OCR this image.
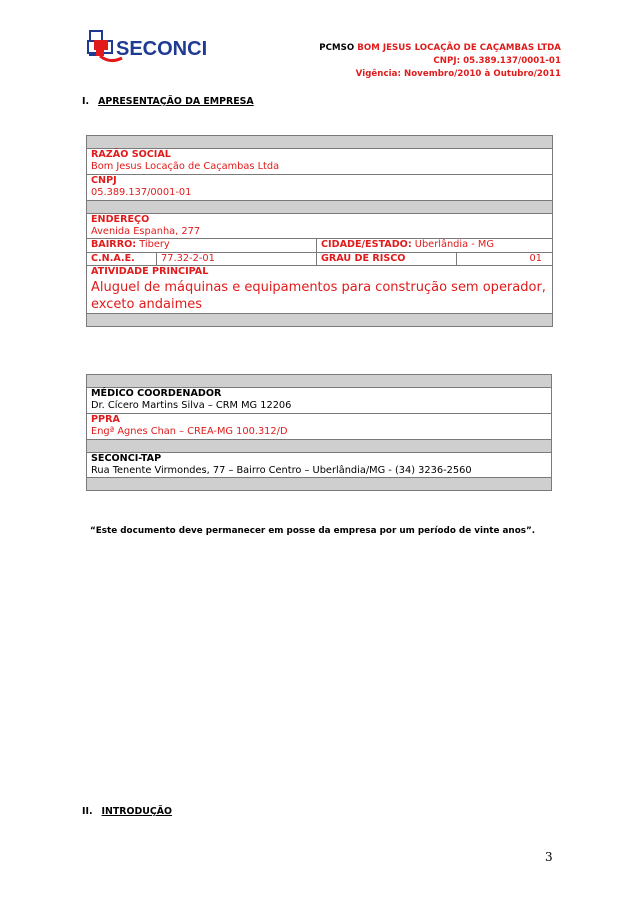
SECONCI	PCMSO BOM JESUS LOCAÇÃO DE CAÇAMBAS LTDA
CNPJ: 05.389.137/0001-01
Vigência: Novembro/2010 à Outubro/2011
I. APRESENTAÇÃO DA EMPRESA

RAZÃO SOCIAL
Bom Jesus Locação de Caçambas Ltda			

CNPJ
05.389.137/0001-01			

ENDEREÇO
Avenida Espanha, 277			

BAIRRO: Tibery		CIDADE/ESTADO: Uberlândia - MG	
C.N.A.E.	77.32-2-01	GRAU DE RISCO	01

ATIVIDADE PRINCIPAL
Aluguel de máquinas e equipamentos para construção sem operador, exceto andaimes			

MÉDICO COORDENADOR
Dr. Cícero Martins Silva – CRM MG 12206

PPRA
Engª Agnes Chan – CREA-MG 100.312/D

SECONCI-TAP
Rua Tenente Virmondes, 77 – Bairro Centro – Uberlândia/MG - (34) 3236-2560

“Este documento deve permanecer em posse da empresa por um período de vinte anos”.
II. INTRODUÇÃO
3
